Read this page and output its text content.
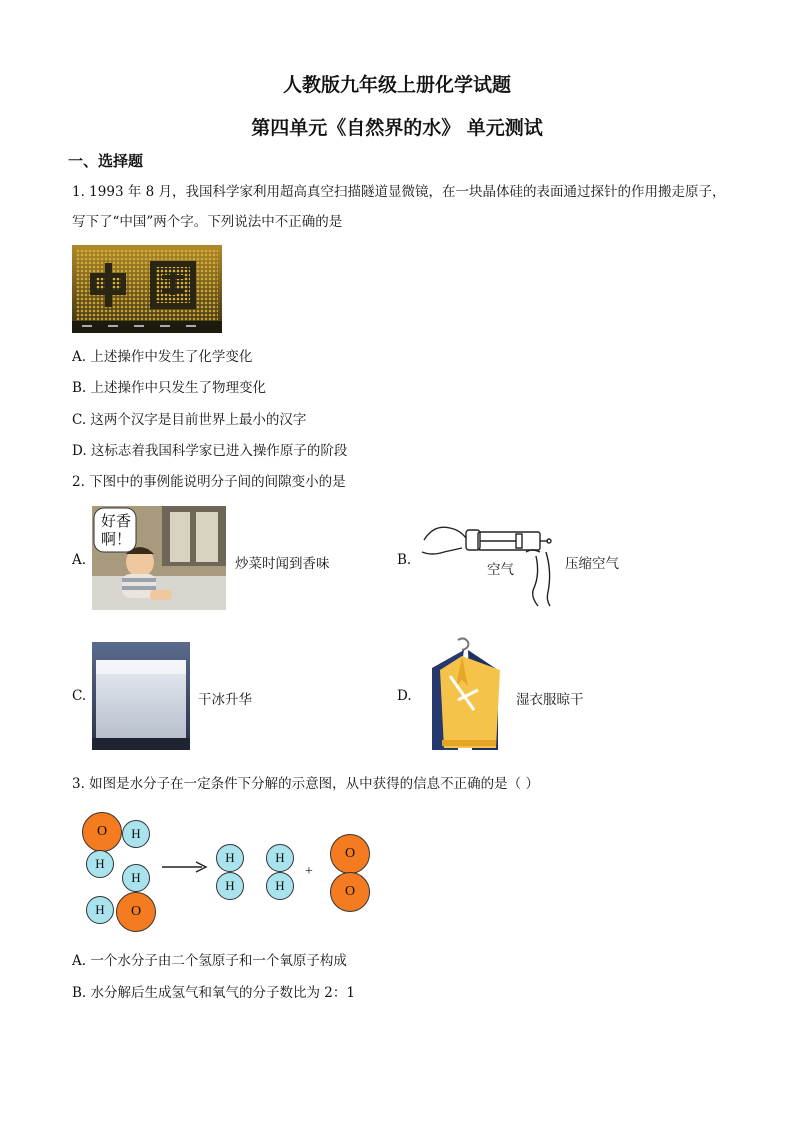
人教版九年级上册化学试题
第四单元《自然界的水》 单元测试
一、选择题
1. 1993 年 8 月，我国科学家利用超高真空扫描隧道显微镜，在一块晶体硅的表面通过探针的作用搬走原子，
写下了“中国”两个字。下列说法中不正确的是
A. 上述操作中发生了化学变化
B. 上述操作中只发生了物理变化
C. 这两个汉字是目前世界上最小的汉字
D. 这标志着我国科学家已进入操作原子的阶段
2. 下图中的事例能说明分子间的间隙变小的是
A.
好香啊！
炒菜时闻到香味	B.
空气	压缩空气
C.	干冰升华	D.	湿衣服晾干
3. 如图是水分子在一定条件下分解的示意图，从中获得的信息不正确的是（ ）
O	H
H
H
H	O
H
H
H
H
+
O
O
A. 一个水分子由二个氢原子和一个氧原子构成
B. 水分解后生成氢气和氧气的分子数比为 2：1
